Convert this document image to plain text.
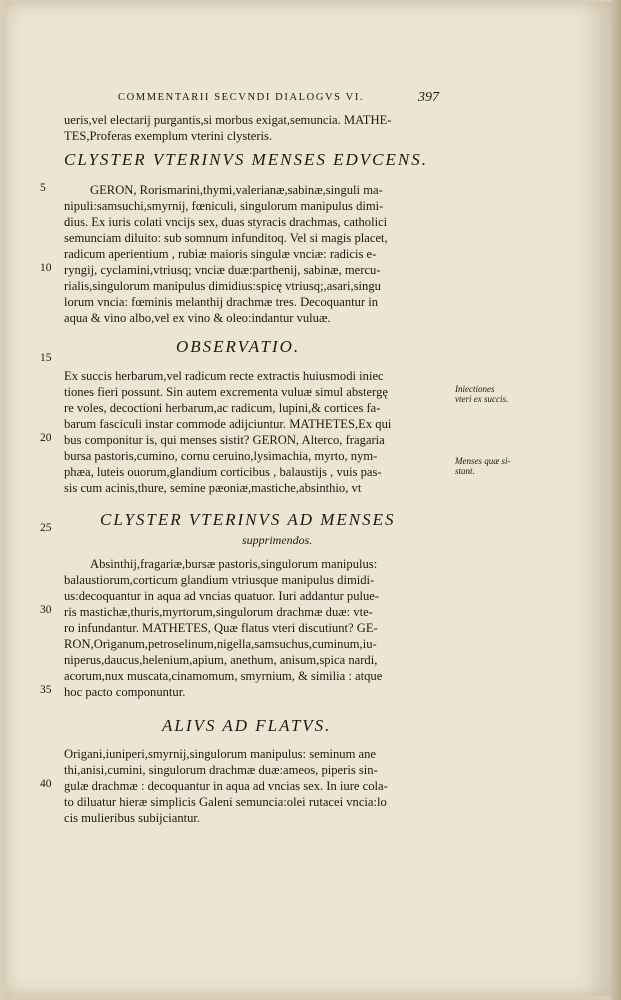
COMMENTARII SECVNDI DIALOGVS VI.	397
CLYSTER VTERINVS MENSES EDVCENS.
OBSERVATIO.
CLYSTER VTERINVS AD MENSES
supprimendos.
ALIVS AD FLATVS.
ueris,vel electarij purgantis,si morbus exigat,semuncia. MATHE-
TES,Proferas exemplum vterini clysteris.
GERON, Rorismarini,thymi,valerianæ,sabinæ,singuli ma-
nipuli:samsuchi,smyrnij, fœniculi, singulorum manipulus dimi-
dius. Ex iuris colati vncijs sex, duas styracis drachmas, catholici
semunciam diluito: sub somnum infunditoq. Vel si magis placet,
radicum aperientium , rubiæ maioris singulæ vnciæ: radicis e-
ryngij, cyclamini,vtriusq; vnciæ duæ:parthenij, sabinæ, mercu-
rialis,singulorum manipulus dimidius:spicę vtriusq;,asari,singu
lorum vncia: fœminis melanthij drachmæ tres. Decoquantur in
aqua & vino albo,vel ex vino & oleo:indantur vuluæ.
Ex succis herbarum,vel radicum recte extractis huiusmodi iniec
tiones fieri possunt. Sin autem excrementa vuluæ simul abstergę
re voles, decoctioni herbarum,ac radicum, lupini,& cortices fa-
barum fasciculi instar commode adijciuntur. MATHETES,Ex qui
bus componitur is, qui menses sistit? GERON, Alterco, fragaria
bursa pastoris,cumino, cornu ceruino,lysimachia, myrto, nym-
phæa, luteis ouorum,glandium corticibus , balaustijs , vuis pas-
sis cum acinis,thure, semine pæoniæ,mastiche,absinthio, vt
Absinthij,fragariæ,bursæ pastoris,singulorum manipulus:
balaustiorum,corticum glandium vtriusque manipulus dimidi-
us:decoquantur in aqua ad vncias quatuor. Iuri addantur pulue-
ris mastichæ,thuris,myrtorum,singulorum drachmæ duæ: vte-
ro infundantur. MATHETES, Quæ flatus vteri discutiunt? GE-
RON,Origanum,petroselinum,nigella,samsuchus,cuminum,iu-
niperus,daucus,helenium,apium, anethum, anisum,spica nardi,
acorum,nux muscata,cinamomum, smyrnium, & similia : atque
hoc pacto componuntur.
Origani,iuniperi,smyrnij,singulorum manipulus: seminum ane
thi,anisi,cumini, singulorum drachmæ duæ:ameos, piperis sin-
gulæ drachmæ : decoquantur in aqua ad vncias sex. In iure cola-
to diluatur hieræ simplicis Galeni semuncia:olei rutacei vncia:lo
cis mulieribus subijciantur.
5
10
15
20
25
30
35
40
Iniectiones vteri ex succis.
Menses quæ si- stant.
